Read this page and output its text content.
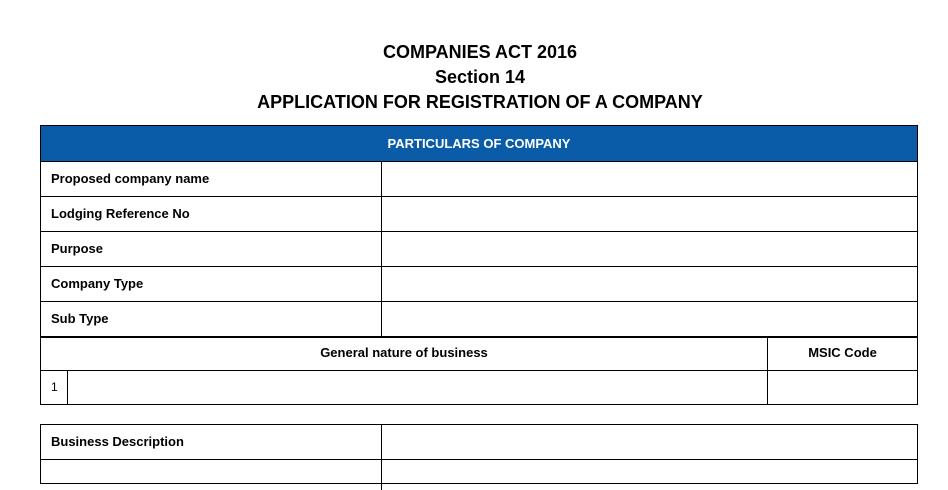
COMPANIES ACT 2016
Section 14
APPLICATION FOR REGISTRATION OF A COMPANY
PARTICULARS OF COMPANY
Proposed company name
Lodging Reference No
Purpose
Company Type
Sub Type
General nature of business	MSIC Code
1
Business Description
